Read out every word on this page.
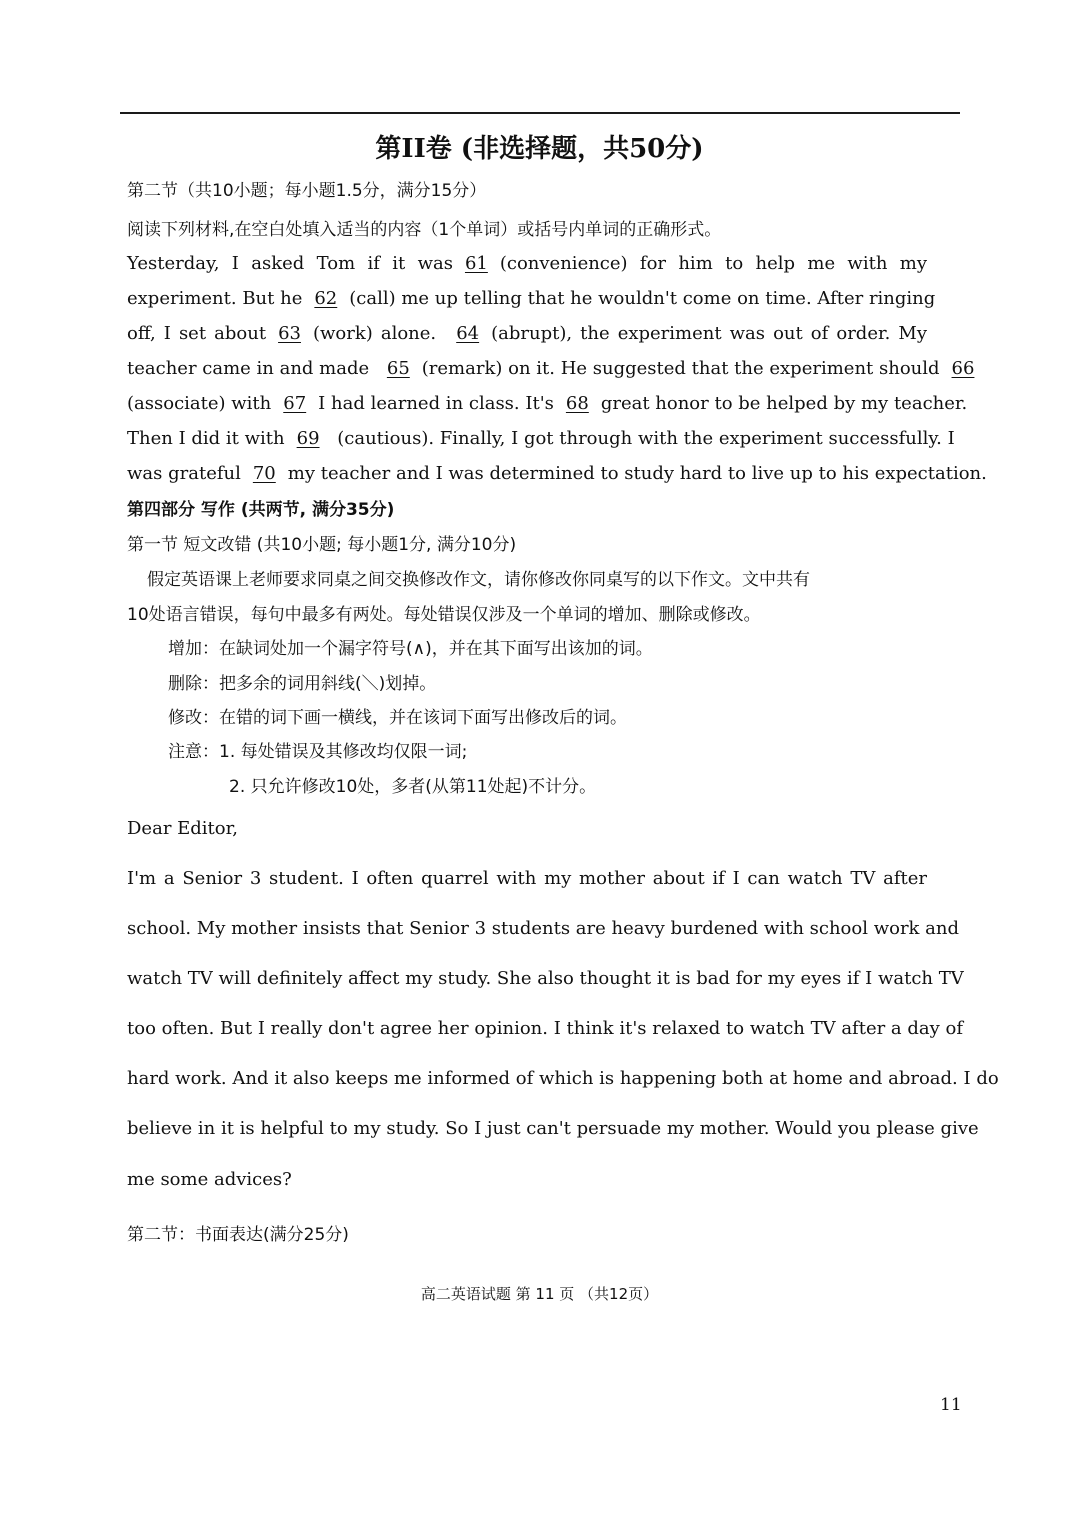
第II卷 (非选择题，共50分)
第二节（共10小题；每小题1.5分，满分15分）
阅读下列材料,在空白处填入适当的内容（1个单词）或括号内单词的正确形式。
Yesterday, I asked Tom if it was 61 (convenience) for him to help me with my
experiment. But he 62 (call) me up telling that he wouldn't come on time. After ringing
off, I set about 63 (work) alone. 64 (abrupt), the experiment was out of order. My
teacher came in and made 65 (remark) on it. He suggested that the experiment should 66
(associate) with 67 I had learned in class. It's 68 great honor to be helped by my teacher.
Then I did it with 69 (cautious). Finally, I got through with the experiment successfully. I
was grateful 70 my teacher and I was determined to study hard to live up to his expectation.
第四部分 写作 (共两节, 满分35分)
第一节 短文改错 (共10小题; 每小题1分, 满分10分)
假定英语课上老师要求同桌之间交换修改作文，请你修改你同桌写的以下作文。文中共有
10处语言错误，每句中最多有两处。每处错误仅涉及一个单词的增加、删除或修改。
增加：在缺词处加一个漏字符号(∧)，并在其下面写出该加的词。
删除：把多余的词用斜线(＼)划掉。
修改：在错的词下画一横线，并在该词下面写出修改后的词。
注意：1. 每处错误及其修改均仅限一词;
2. 只允许修改10处，多者(从第11处起)不计分。
Dear Editor,
I'm a Senior 3 student. I often quarrel with my mother about if I can watch TV after
school. My mother insists that Senior 3 students are heavy burdened with school work and
watch TV will definitely affect my study. She also thought it is bad for my eyes if I watch TV
too often. But I really don't agree her opinion. I think it's relaxed to watch TV after a day of
hard work. And it also keeps me informed of which is happening both at home and abroad. I do
believe in it is helpful to my study. So I just can't persuade my mother. Would you please give
me some advices?
第二节：书面表达(满分25分)
高二英语试题 第 11 页 （共12页）
11
